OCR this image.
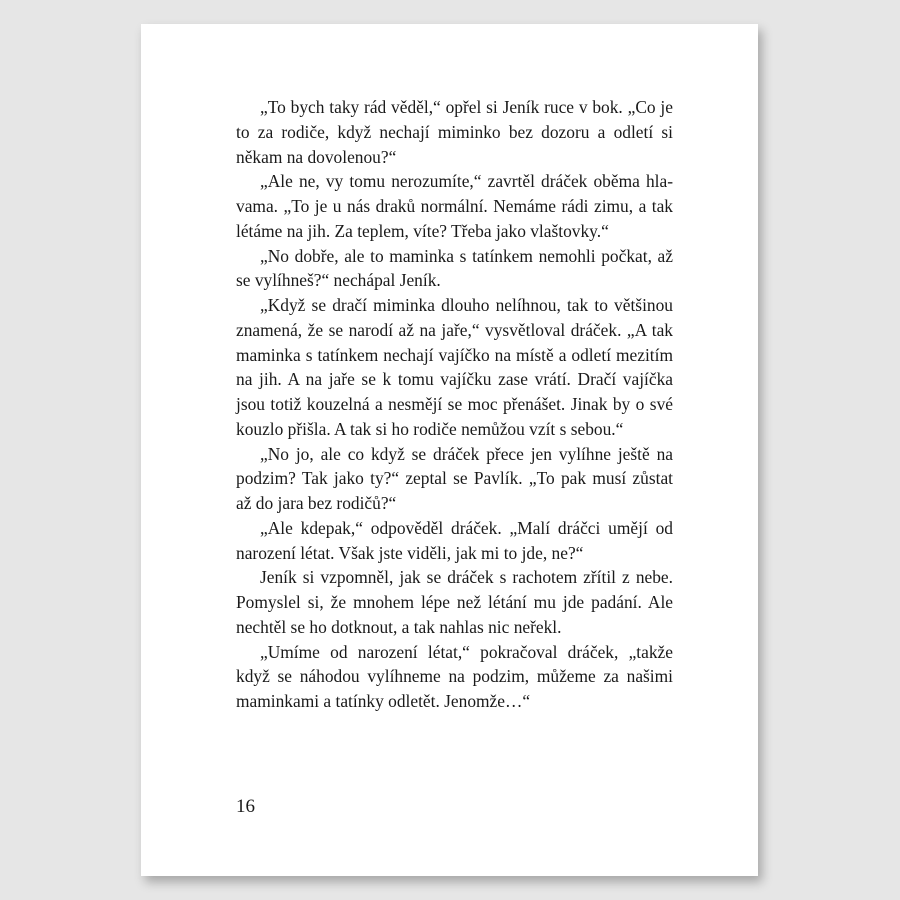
„To bych taky rád věděl,“ opřel si Jeník ruce v bok. „Co je to za rodiče, když nechají miminko bez dozoru a odletí si někam na dovolenou?“

„Ale ne, vy tomu nerozumíte,“ zavrtěl dráček oběma hlavama. „To je u nás draků normální. Nemáme rádi zimu, a tak létáme na jih. Za teplem, víte? Třeba jako vlaštovky.“

„No dobře, ale to maminka s tatínkem nemohli počkat, až se vylíhneš?“ nechápal Jeník.

„Když se dračí miminka dlouho nelíhnou, tak to většinou znamená, že se narodí až na jaře,“ vysvětloval dráček. „A tak maminka s tatínkem nechají vajíčko na místě a odletí mezitím na jih. A na jaře se k tomu vajíčku zase vrátí. Dračí vajíčka jsou totiž kouzelná a nesmějí se moc přenášet. Jinak by o své kouzlo přišla. A tak si ho rodiče nemůžou vzít s sebou.“

„No jo, ale co když se dráček přece jen vylíhne ještě na podzim? Tak jako ty?“ zeptal se Pavlík. „To pak musí zůstat až do jara bez rodičů?“

„Ale kdepak,“ odpověděl dráček. „Malí dráčci umějí od narození létat. Však jste viděli, jak mi to jde, ne?“

Jeník si vzpomněl, jak se dráček s rachotem zřítil z nebe. Pomyslel si, že mnohem lépe než létání mu jde padání. Ale nechtěl se ho dotknout, a tak nahlas nic neřekl.

„Umíme od narození létat,“ pokračoval dráček, „takže když se náhodou vylíhneme na podzim, můžeme za našimi maminkami a tatínky odletět. Jenomže…“

16
